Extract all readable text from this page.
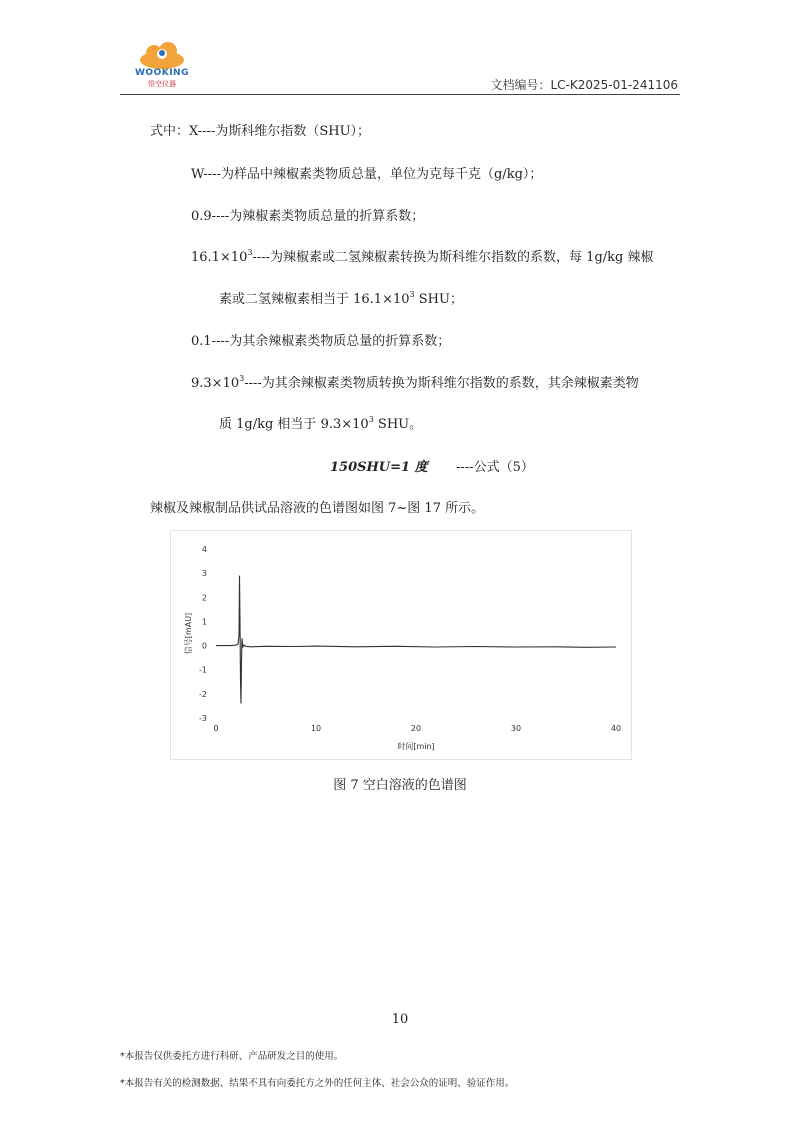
WOOKING
悟空仪器	文档编号：LC-K2025-01-241106
式中：X----为斯科维尔指数（SHU）；
W----为样品中辣椒素类物质总量，单位为克每千克（g/kg）；
0.9----为辣椒素类物质总量的折算系数；
$16.1\times 10^3----$为辣椒素或二氢辣椒素转换为斯科维尔指数的系数，每 1g/kg 辣椒
素或二氢辣椒素相当于 $16.1\times 10^3$ SHU；
0.1----为其余辣椒素类物质总量的折算系数；
$9.3\times 10^3----$为其余辣椒素类物质转换为斯科维尔指数的系数，其余辣椒素类物
质 1g/kg 相当于 $9.3\times 10^3$ SHU。
150SHU=1 度 ----公式（5）
辣椒及辣椒制品供试品溶液的色谱图如图 7~图 17 所示。
-3
-2
-1
0
1
2
3
4
0	10	20	30	40
时间[min]
信号[mAU]
图 7 空白溶液的色谱图
10
*本报告仅供委托方进行科研、产品研发之目的使用。
*本报告有关的检测数据、结果不具有向委托方之外的任何主体、社会公众的证明、验证作用。
